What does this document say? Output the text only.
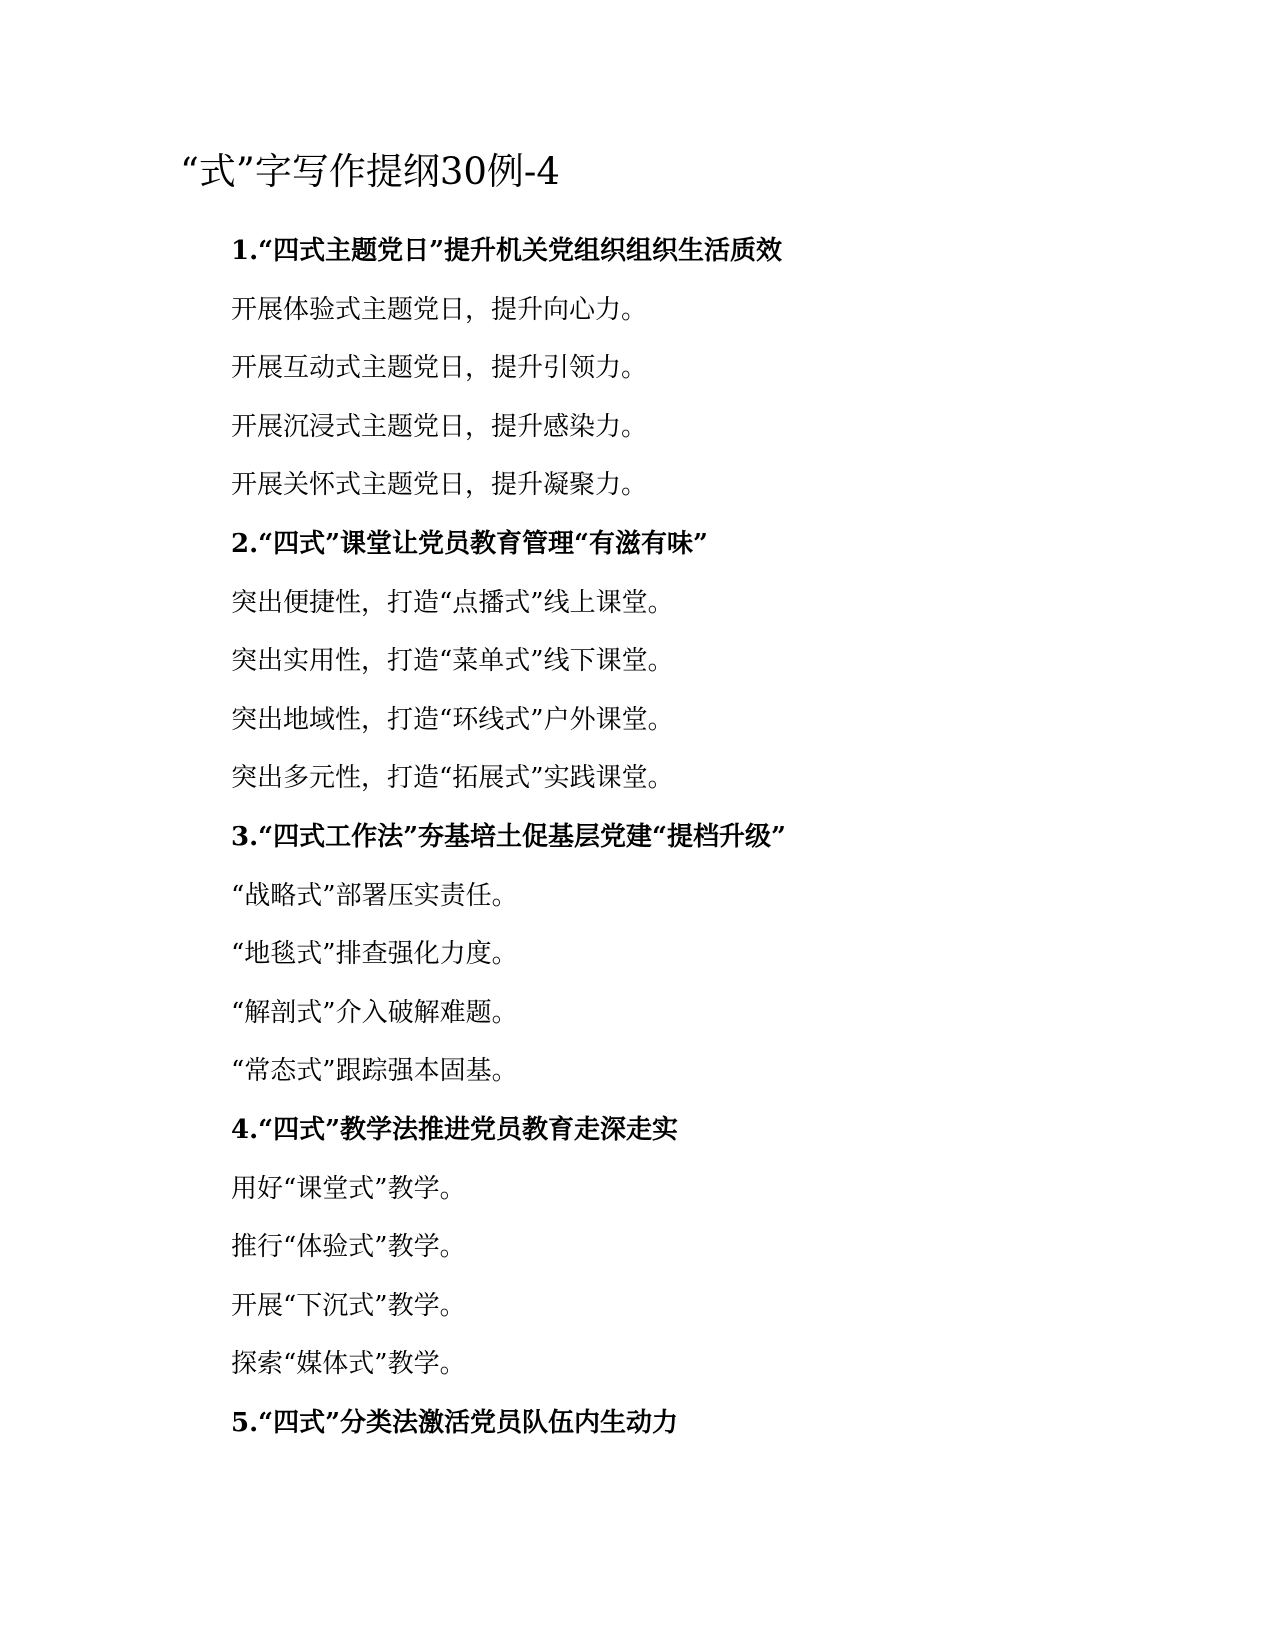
“式”字写作提纲30例-4
1.“四式主题党日”提升机关党组织组织生活质效
开展体验式主题党日，提升向心力。
开展互动式主题党日，提升引领力。
开展沉浸式主题党日，提升感染力。
开展关怀式主题党日，提升凝聚力。
2.“四式”课堂让党员教育管理“有滋有味”
突出便捷性，打造“点播式”线上课堂。
突出实用性，打造“菜单式”线下课堂。
突出地域性，打造“环线式”户外课堂。
突出多元性，打造“拓展式”实践课堂。
3.“四式工作法”夯基培土促基层党建“提档升级”
“战略式”部署压实责任。
“地毯式”排查强化力度。
“解剖式”介入破解难题。
“常态式”跟踪强本固基。
4.“四式”教学法推进党员教育走深走实
用好“课堂式”教学。
推行“体验式”教学。
开展“下沉式”教学。
探索“媒体式”教学。
5.“四式”分类法激活党员队伍内生动力
